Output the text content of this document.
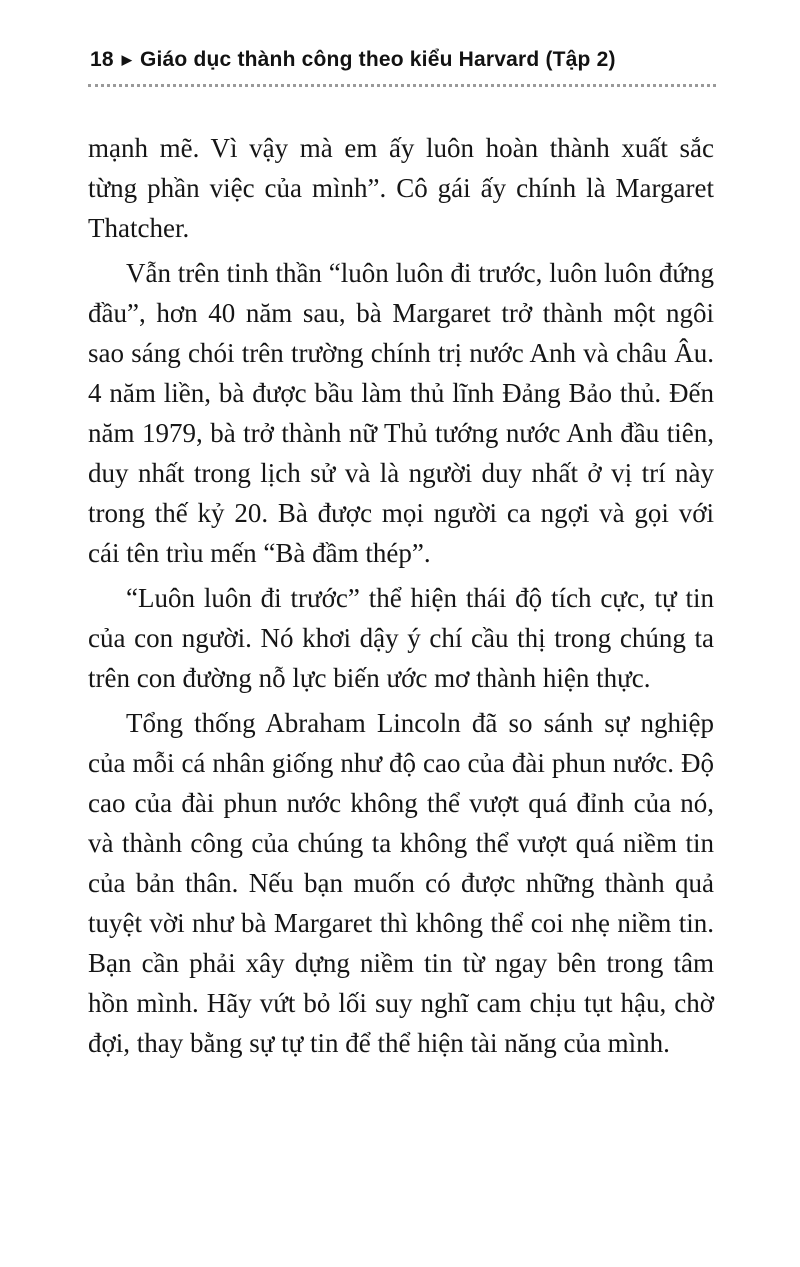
18 ▶ Giáo dục thành công theo kiểu Harvard (Tập 2)

mạnh mẽ. Vì vậy mà em ấy luôn hoàn thành xuất sắc từng phần việc của mình”. Cô gái ấy chính là Margaret Thatcher.

Vẫn trên tinh thần “luôn luôn đi trước, luôn luôn đứng đầu”, hơn 40 năm sau, bà Margaret trở thành một ngôi sao sáng chói trên trường chính trị nước Anh và châu Âu. 4 năm liền, bà được bầu làm thủ lĩnh Đảng Bảo thủ. Đến năm 1979, bà trở thành nữ Thủ tướng nước Anh đầu tiên, duy nhất trong lịch sử và là người duy nhất ở vị trí này trong thế kỷ 20. Bà được mọi người ca ngợi và gọi với cái tên trìu mến “Bà đầm thép”.

“Luôn luôn đi trước” thể hiện thái độ tích cực, tự tin của con người. Nó khơi dậy ý chí cầu thị trong chúng ta trên con đường nỗ lực biến ước mơ thành hiện thực.

Tổng thống Abraham Lincoln đã so sánh sự nghiệp của mỗi cá nhân giống như độ cao của đài phun nước. Độ cao của đài phun nước không thể vượt quá đỉnh của nó, và thành công của chúng ta không thể vượt quá niềm tin của bản thân. Nếu bạn muốn có được những thành quả tuyệt vời như bà Margaret thì không thể coi nhẹ niềm tin. Bạn cần phải xây dựng niềm tin từ ngay bên trong tâm hồn mình. Hãy vứt bỏ lối suy nghĩ cam chịu tụt hậu, chờ đợi, thay bằng sự tự tin để thể hiện tài năng của mình.
